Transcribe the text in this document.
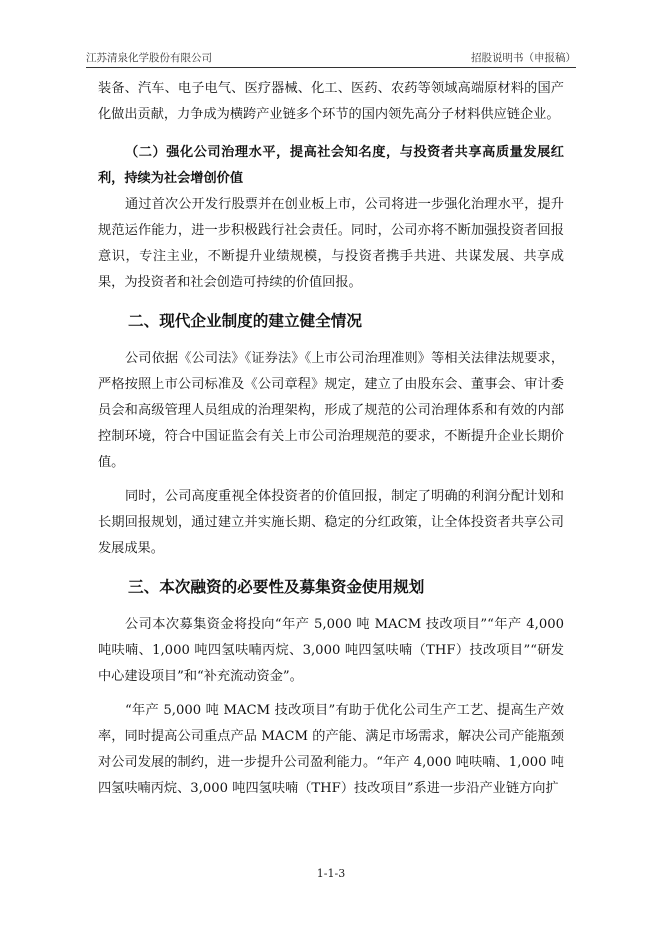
江苏清泉化学股份有限公司	招股说明书（申报稿）

装备、汽车、电子电气、医疗器械、化工、医药、农药等领域高端原材料的国产化做出贡献，力争成为横跨产业链多个环节的国内领先高分子材料供应链企业。

（二）强化公司治理水平，提高社会知名度，与投资者共享高质量发展红利，持续为社会增创价值

通过首次公开发行股票并在创业板上市，公司将进一步强化治理水平，提升规范运作能力，进一步积极践行社会责任。同时，公司亦将不断加强投资者回报意识，专注主业，不断提升业绩规模，与投资者携手共进、共谋发展、共享成果，为投资者和社会创造可持续的价值回报。

二、现代企业制度的建立健全情况

公司依据《公司法》《证券法》《上市公司治理准则》等相关法律法规要求，严格按照上市公司标准及《公司章程》规定，建立了由股东会、董事会、审计委员会和高级管理人员组成的治理架构，形成了规范的公司治理体系和有效的内部控制环境，符合中国证监会有关上市公司治理规范的要求，不断提升企业长期价值。

同时，公司高度重视全体投资者的价值回报，制定了明确的利润分配计划和长期回报规划，通过建立并实施长期、稳定的分红政策，让全体投资者共享公司发展成果。

三、本次融资的必要性及募集资金使用规划

公司本次募集资金将投向“年产 5,000 吨 MACM 技改项目”“年产 4,000 吨呋喃、1,000 吨四氢呋喃丙烷、3,000 吨四氢呋喃（THF）技改项目”“研发中心建设项目”和“补充流动资金”。

“年产 5,000 吨 MACM 技改项目”有助于优化公司生产工艺、提高生产效率，同时提高公司重点产品 MACM 的产能、满足市场需求，解决公司产能瓶颈对公司发展的制约，进一步提升公司盈利能力。“年产 4,000 吨呋喃、1,000 吨四氢呋喃丙烷、3,000 吨四氢呋喃（THF）技改项目”系进一步沿产业链方向扩

1-1-3
